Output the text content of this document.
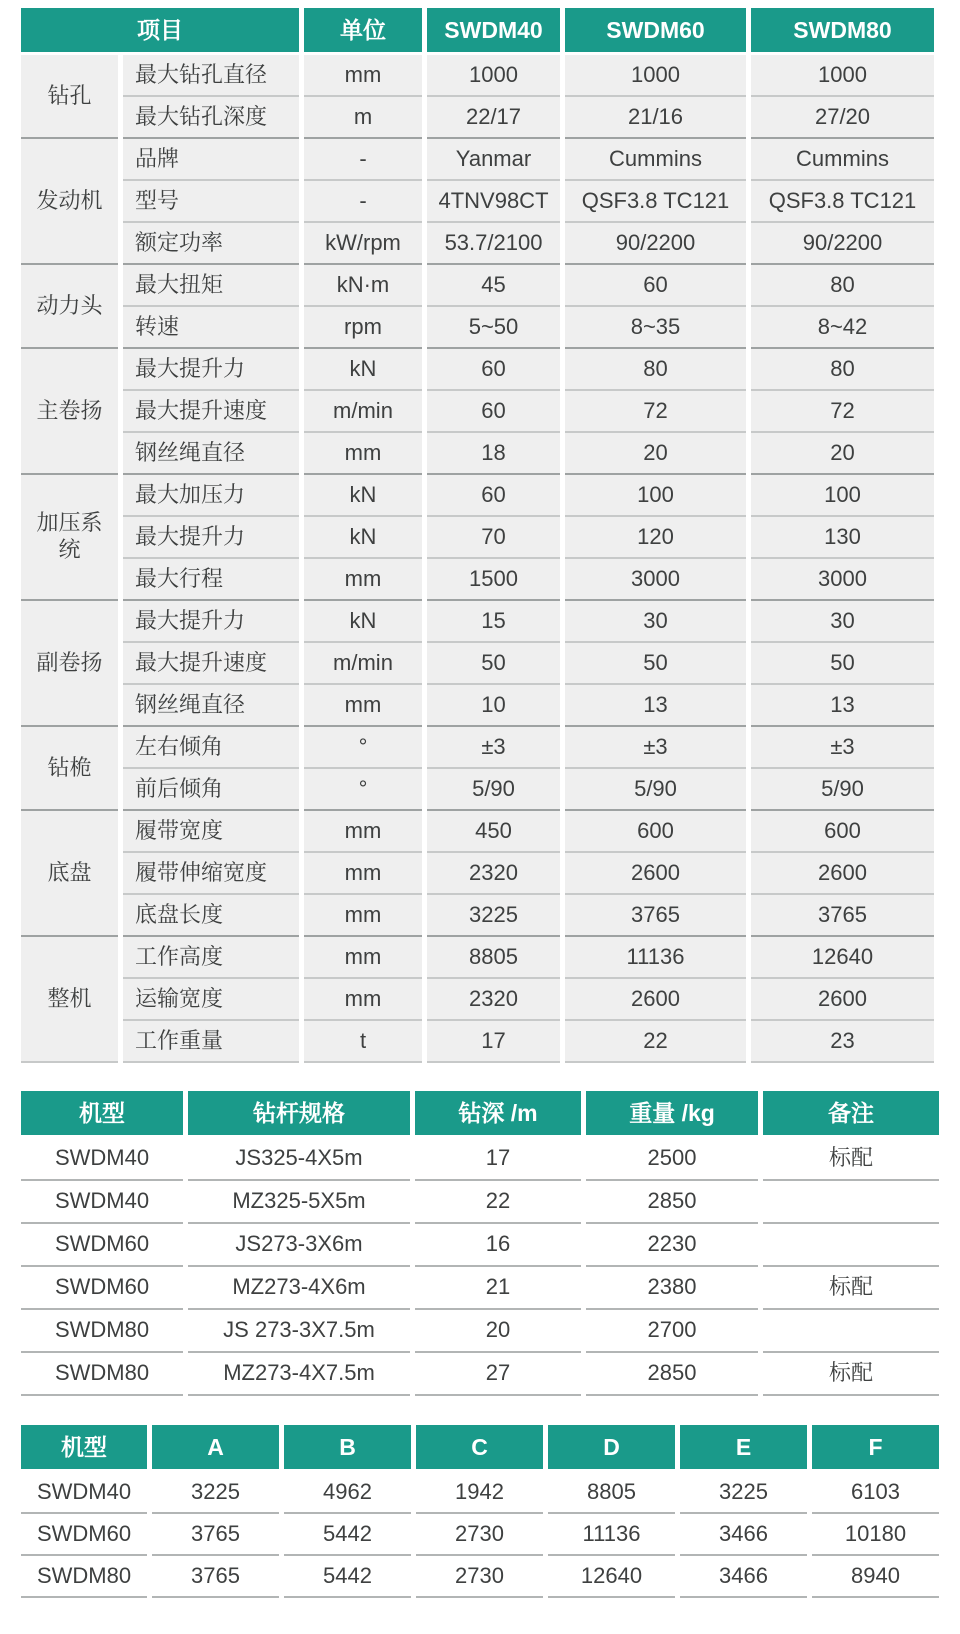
项目	单位	SWDM40	SWDM60	SWDM80
钻孔
最大钻孔直径	mm	1000	1000	1000
最大钻孔深度	m	22/17	21/16	27/20
发动机
品牌	-	Yanmar	Cummins	Cummins
型号	-	4TNV98CT	QSF3.8 TC121	QSF3.8 TC121
额定功率	kW/rpm	53.7/2100	90/2200	90/2200
动力头
最大扭矩	kN·m	45	60	80
转速	rpm	5~50	8~35	8~42
主卷扬
最大提升力	kN	60	80	80
最大提升速度	m/min	60	72	72
钢丝绳直径	mm	18	20	20
加压系统
最大加压力	kN	60	100	100
最大提升力	kN	70	120	130
最大行程	mm	1500	3000	3000
副卷扬
最大提升力	kN	15	30	30
最大提升速度	m/min	50	50	50
钢丝绳直径	mm	10	13	13
钻桅
左右倾角	°	±3	±3	±3
前后倾角	°	5/90	5/90	5/90
底盘
履带宽度	mm	450	600	600
履带伸缩宽度	mm	2320	2600	2600
底盘长度	mm	3225	3765	3765
整机
工作高度	mm	8805	11136	12640
运输宽度	mm	2320	2600	2600
工作重量	t	17	22	23
机型	钻杆规格	钻深 /m	重量 /kg	备注
SWDM40	JS325-4X5m	17	2500	标配
SWDM40	MZ325-5X5m	22	2850
SWDM60	JS273-3X6m	16	2230
SWDM60	MZ273-4X6m	21	2380	标配
SWDM80	JS 273-3X7.5m	20	2700
SWDM80	MZ273-4X7.5m	27	2850	标配
机型	A	B	C	D	E	F
SWDM40	3225	4962	1942	8805	3225	6103
SWDM60	3765	5442	2730	11136	3466	10180
SWDM80	3765	5442	2730	12640	3466	8940
